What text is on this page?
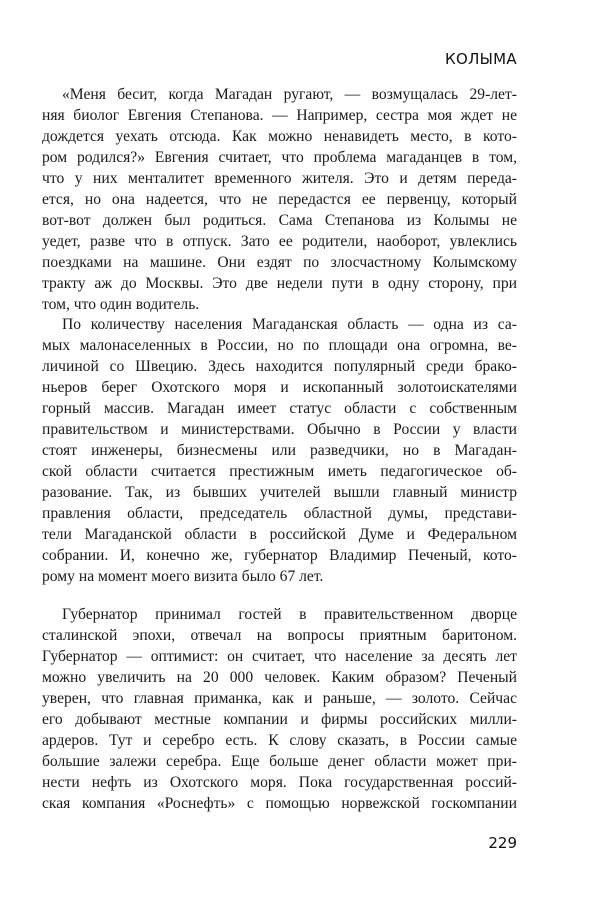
КОЛЫМА
«Меня бесит, когда Магадан ругают, — возмущалась 29-лет-
няя биолог Евгения Степанова. — Например, сестра моя ждет не
дождется уехать отсюда. Как можно ненавидеть место, в кото-
ром родился?» Евгения считает, что проблема магаданцев в том,
что у них менталитет временного жителя. Это и детям переда-
ется, но она надеется, что не передастся ее первенцу, который
вот-вот должен был родиться. Сама Степанова из Колымы не
уедет, разве что в отпуск. Зато ее родители, наоборот, увлеклись
поездками на машине. Они ездят по злосчастному Колымскому
тракту аж до Москвы. Это две недели пути в одну сторону, при
том, что один водитель.
По количеству населения Магаданская область — одна из са-
мых малонаселенных в России, но по площади она огромна, ве-
личиной со Швецию. Здесь находится популярный среди брако-
ньеров берег Охотского моря и ископанный золотоискателями
горный массив. Магадан имеет статус области с собственным
правительством и министерствами. Обычно в России у власти
стоят инженеры, бизнесмены или разведчики, но в Магадан-
ской области считается престижным иметь педагогическое об-
разование. Так, из бывших учителей вышли главный министр
правления области, председатель областной думы, представи-
тели Магаданской области в российской Думе и Федеральном
собрании. И, конечно же, губернатор Владимир Печеный, кото-
рому на момент моего визита было 67 лет.
Губернатор принимал гостей в правительственном дворце
сталинской эпохи, отвечал на вопросы приятным баритоном.
Губернатор — оптимист: он считает, что население за десять лет
можно увеличить на 20 000 человек. Каким образом? Печеный
уверен, что главная приманка, как и раньше, — золото. Сейчас
его добывают местные компании и фирмы российских милли-
ардеров. Тут и серебро есть. К слову сказать, в России самые
большие залежи серебра. Еще больше денег области может при-
нести нефть из Охотского моря. Пока государственная россий-
ская компания «Роснефть» с помощью норвежской госкомпании
229
